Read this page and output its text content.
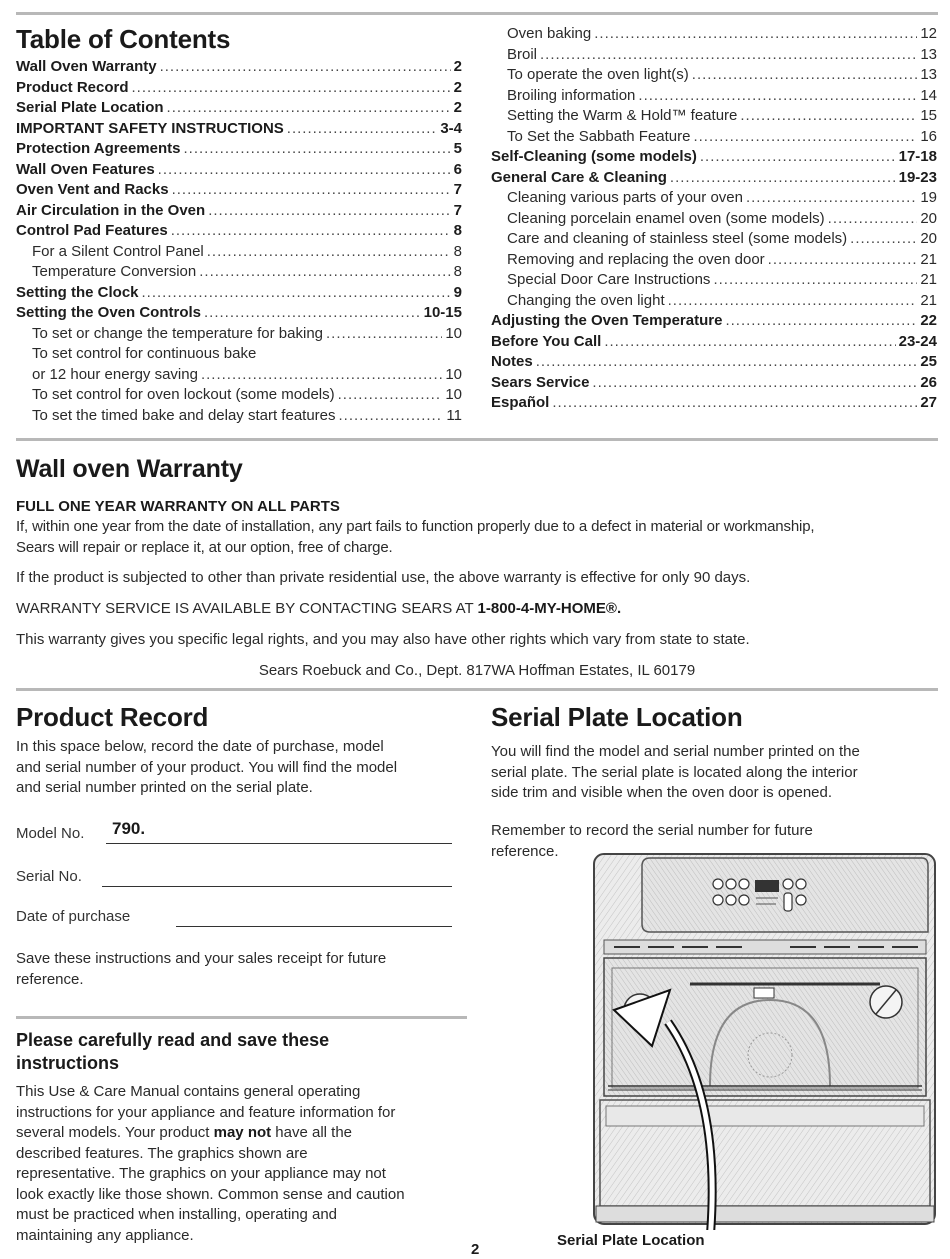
Table of Contents
Wall Oven Warranty .....	2
Product Record .....	2
Serial Plate Location .....	2
IMPORTANT SAFETY INSTRUCTIONS .....	3-4
Protection Agreements .....	5
Wall Oven Features .....	6
Oven Vent and Racks .....	7
Air Circulation in the Oven .....	7
Control Pad Features .....	8
For a Silent Control Panel .....	8
Temperature Conversion .....	8
Setting the Clock .....	9
Setting the Oven Controls .....	10-15
To set or change the temperature for baking .....	10
To set control for continuous bake
or 12 hour energy saving .....	10
To set control for oven lockout (some models) .....	10
To set the timed bake and delay start features .....	11
Oven baking .....	12
Broil .....	13
To operate the oven light(s) .....	13
Broiling information .....	14
Setting the Warm & Hold™ feature .....	15
To Set the Sabbath Feature .....	16
Self-Cleaning (some models) .....	17-18
General Care & Cleaning .....	19-23
Cleaning various parts of your oven .....	19
Cleaning porcelain enamel oven (some models) .....	20
Care and cleaning of stainless steel (some models) .....	20
Removing and replacing the oven door .....	21
Special Door Care Instructions .....	21
Changing the oven light .....	21
Adjusting the Oven Temperature .....	22
Before You Call .....	23-24
Notes .....	25
Sears Service .....	26
Español .....	27
Wall oven Warranty
FULL ONE YEAR WARRANTY ON ALL PARTS
If, within one year from the date of installation, any part fails to function properly due to a defect in material or workmanship,
Sears will repair or replace it, at our option, free of charge.
If the product is subjected to other than private residential use, the above warranty is effective for only 90 days.
WARRANTY SERVICE IS AVAILABLE BY CONTACTING SEARS AT 1-800-4-MY-HOME®.
This warranty gives you specific legal rights, and you may also have other rights which vary from state to state.
Sears Roebuck and Co., Dept. 817WA Hoffman Estates, IL 60179
Product Record
In this space below, record the date of purchase, model
and serial number of your product. You will find the model
and serial number printed on the serial plate.
Model No. 790.
Serial No.
Date of purchase
Save these instructions and your sales receipt for future
reference.
Please carefully read and save these
instructions
This Use & Care Manual contains general operating
instructions for your appliance and feature information for
several models. Your product may not have all the
described features. The graphics shown are
representative. The graphics on your appliance may not
look exactly like those shown. Common sense and caution
must be practiced when installing, operating and
maintaining any appliance.
Serial Plate Location
You will find the model and serial number printed on the
serial plate. The serial plate is located along the interior
side trim and visible when the oven door is opened.
Remember to record the serial number for future
reference.
Serial Plate Location
2
